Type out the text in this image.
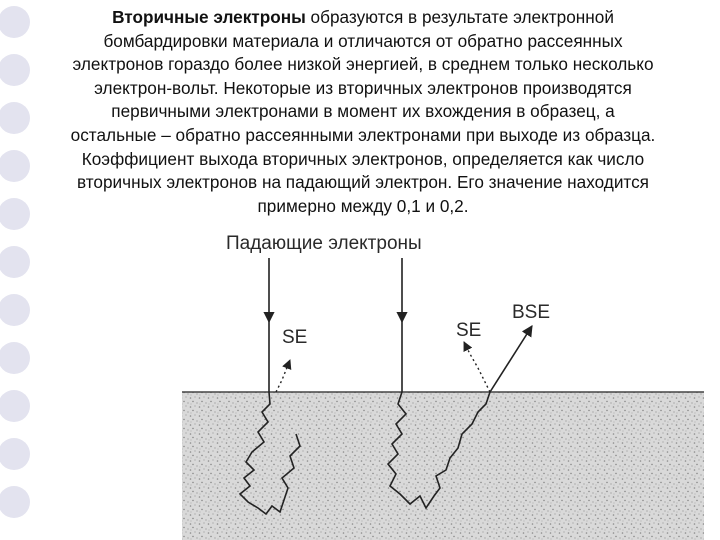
Вторичные электроны образуются в результате электронной
бомбардировки материала и отличаются от обратно рассеянных
электронов гораздо более низкой энергией, в среднем только несколько
электрон-вольт. Некоторые из вторичных электронов производятся
первичными электронами в момент их вхождения в образец, а
остальные – обратно рассеянными электронами при выходе из образца.
Коэффициент выхода вторичных электронов, определяется как число
вторичных электронов на падающий электрон. Его значение находится
примерно между 0,1 и 0,2.
Падающие электроны
SE	SE
BSE
